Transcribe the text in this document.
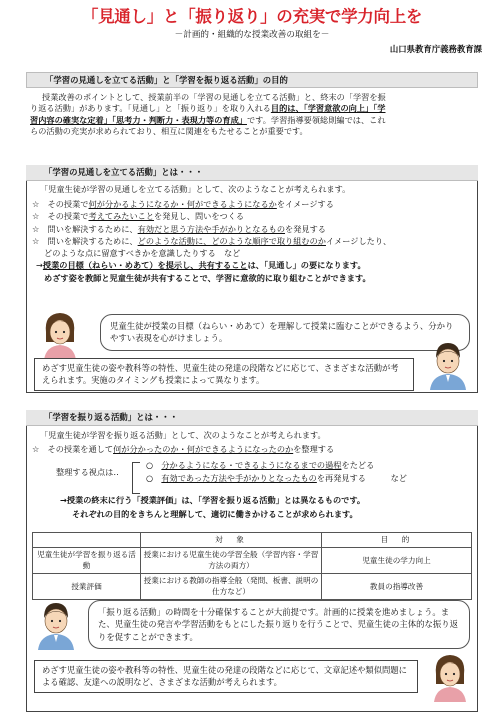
「見通し」と「振り返り」の充実で学力向上を
－計画的・組織的な授業改善の取組を－
山口県教育庁義務教育課
「学習の見通しを立てる活動」と「学習を振り返る活動」の目的
授業改善のポイントとして、授業前半の「学習の見通しを立てる活動」と、終末の「学習を振
り返る活動」があります。「見通し」と「振り返り」を取り入れる目的は、「学習意欲の向上」「学
習内容の確実な定着」「思考力・判断力・表現力等の育成」です。学習指導要領総則編では、これ
らの活動の充実が求められており、相互に関連をもたせることが重要です。
「学習の見通しを立てる活動」とは・・・
「児童生徒が学習の見通しを立てる活動」として、次のようなことが考えられます。
☆　 その授業で何が分かるようになるか・何ができるようになるかをイメージする
☆　 その授業で考えてみたいことを発見し、問いをつくる
☆　 問いを解決するために、有効だと思う方法や手がかりとなるものを発見する
☆　 問いを解決するために、どのような活動に、どのような順序で取り組むのかイメージしたり、
どのような点に留意すべきかを意識したりする　など
→授業の目標（ねらい・めあて）を提示し、共有することは、「見通し」の要になります。
めざす姿を教師と児童生徒が共有することで、学習に意欲的に取り組むことができます。
児童生徒が授業の目標（ねらい・めあて）を理解して授業に臨むことができるよう、分かりやすい表現を心がけましょう。
めざす児童生徒の姿や教科等の特性、児童生徒の発達の段階などに応じて、さまざまな活動が考えられます。実施のタイミングも授業によって異なります。
「学習を振り返る活動」とは・・・
「児童生徒が学習を振り返る活動」として、次のようなことが考えられます。
☆　 その授業を通して何が分かったのか・何ができるようになったのかを整理する
整理する視点は‥
○　 分かるようになる・できるようになるまでの過程をたどる
○　 有効であった方法や手がかりとなったものを再発見する　　　	など
→授業の終末に行う「授業評価」は、「学習を振り返る活動」とは異なるものです。
それぞれの目的をきちんと理解して、適切に働きかけることが求められます。
	対　象	目　的
児童生徒が学習を振り返る活動	授業における児童生徒の学習全般（学習内容・学習方法の両方）	児童生徒の学力向上
授業評価	授業における教師の指導全般（発問、板書、説明の仕方など）	教員の指導改善
「振り返る活動」の時間を十分確保することが大前提です。計画的に授業を進めましょう。また、児童生徒の発言や学習活動をもとにした振り返りを行うことで、児童生徒の主体的な振り返りを促すことができます。
めざす児童生徒の姿や教科等の特性、児童生徒の発達の段階などに応じて、文章記述や類似問題による確認、友達への説明など、さまざまな活動が考えられます。
